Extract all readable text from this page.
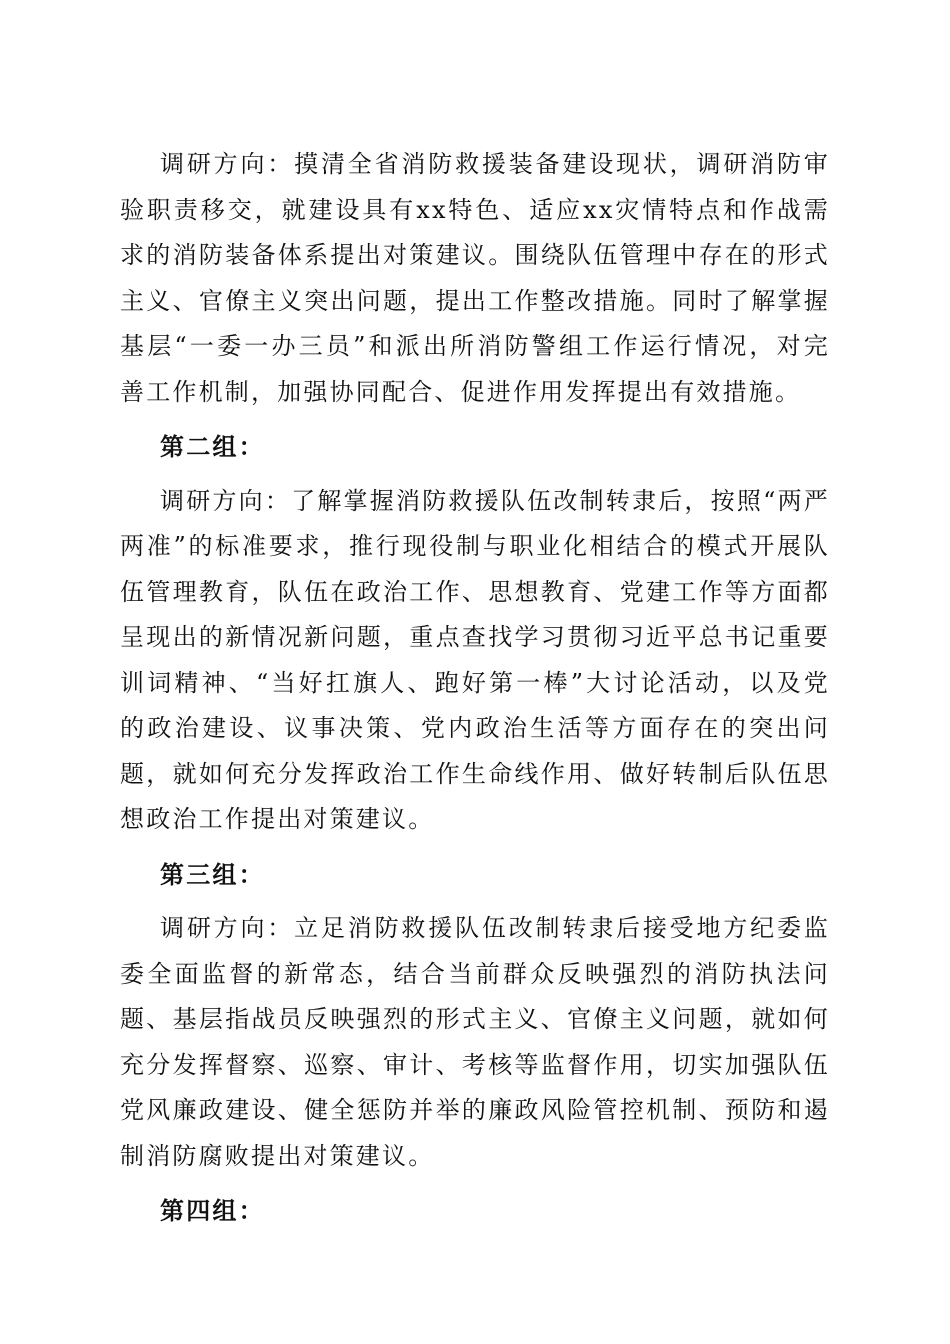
调研方向：摸清全省消防救援装备建设现状，调研消防审验职责移交，就建设具有xx特色、适应xx灾情特点和作战需求的消防装备体系提出对策建议。围绕队伍管理中存在的形式主义、官僚主义突出问题，提出工作整改措施。同时了解掌握基层“一委一办三员”和派出所消防警组工作运行情况，对完善工作机制，加强协同配合、促进作用发挥提出有效措施。

第二组：

调研方向：了解掌握消防救援队伍改制转隶后，按照“两严两准”的标准要求，推行现役制与职业化相结合的模式开展队伍管理教育，队伍在政治工作、思想教育、党建工作等方面都呈现出的新情况新问题，重点查找学习贯彻习近平总书记重要训词精神、“当好扛旗人、跑好第一棒”大讨论活动，以及党的政治建设、议事决策、党内政治生活等方面存在的突出问题，就如何充分发挥政治工作生命线作用、做好转制后队伍思想政治工作提出对策建议。

第三组：

调研方向：立足消防救援队伍改制转隶后接受地方纪委监委全面监督的新常态，结合当前群众反映强烈的消防执法问题、基层指战员反映强烈的形式主义、官僚主义问题，就如何充分发挥督察、巡察、审计、考核等监督作用，切实加强队伍党风廉政建设、健全惩防并举的廉政风险管控机制、预防和遏制消防腐败提出对策建议。

第四组：
